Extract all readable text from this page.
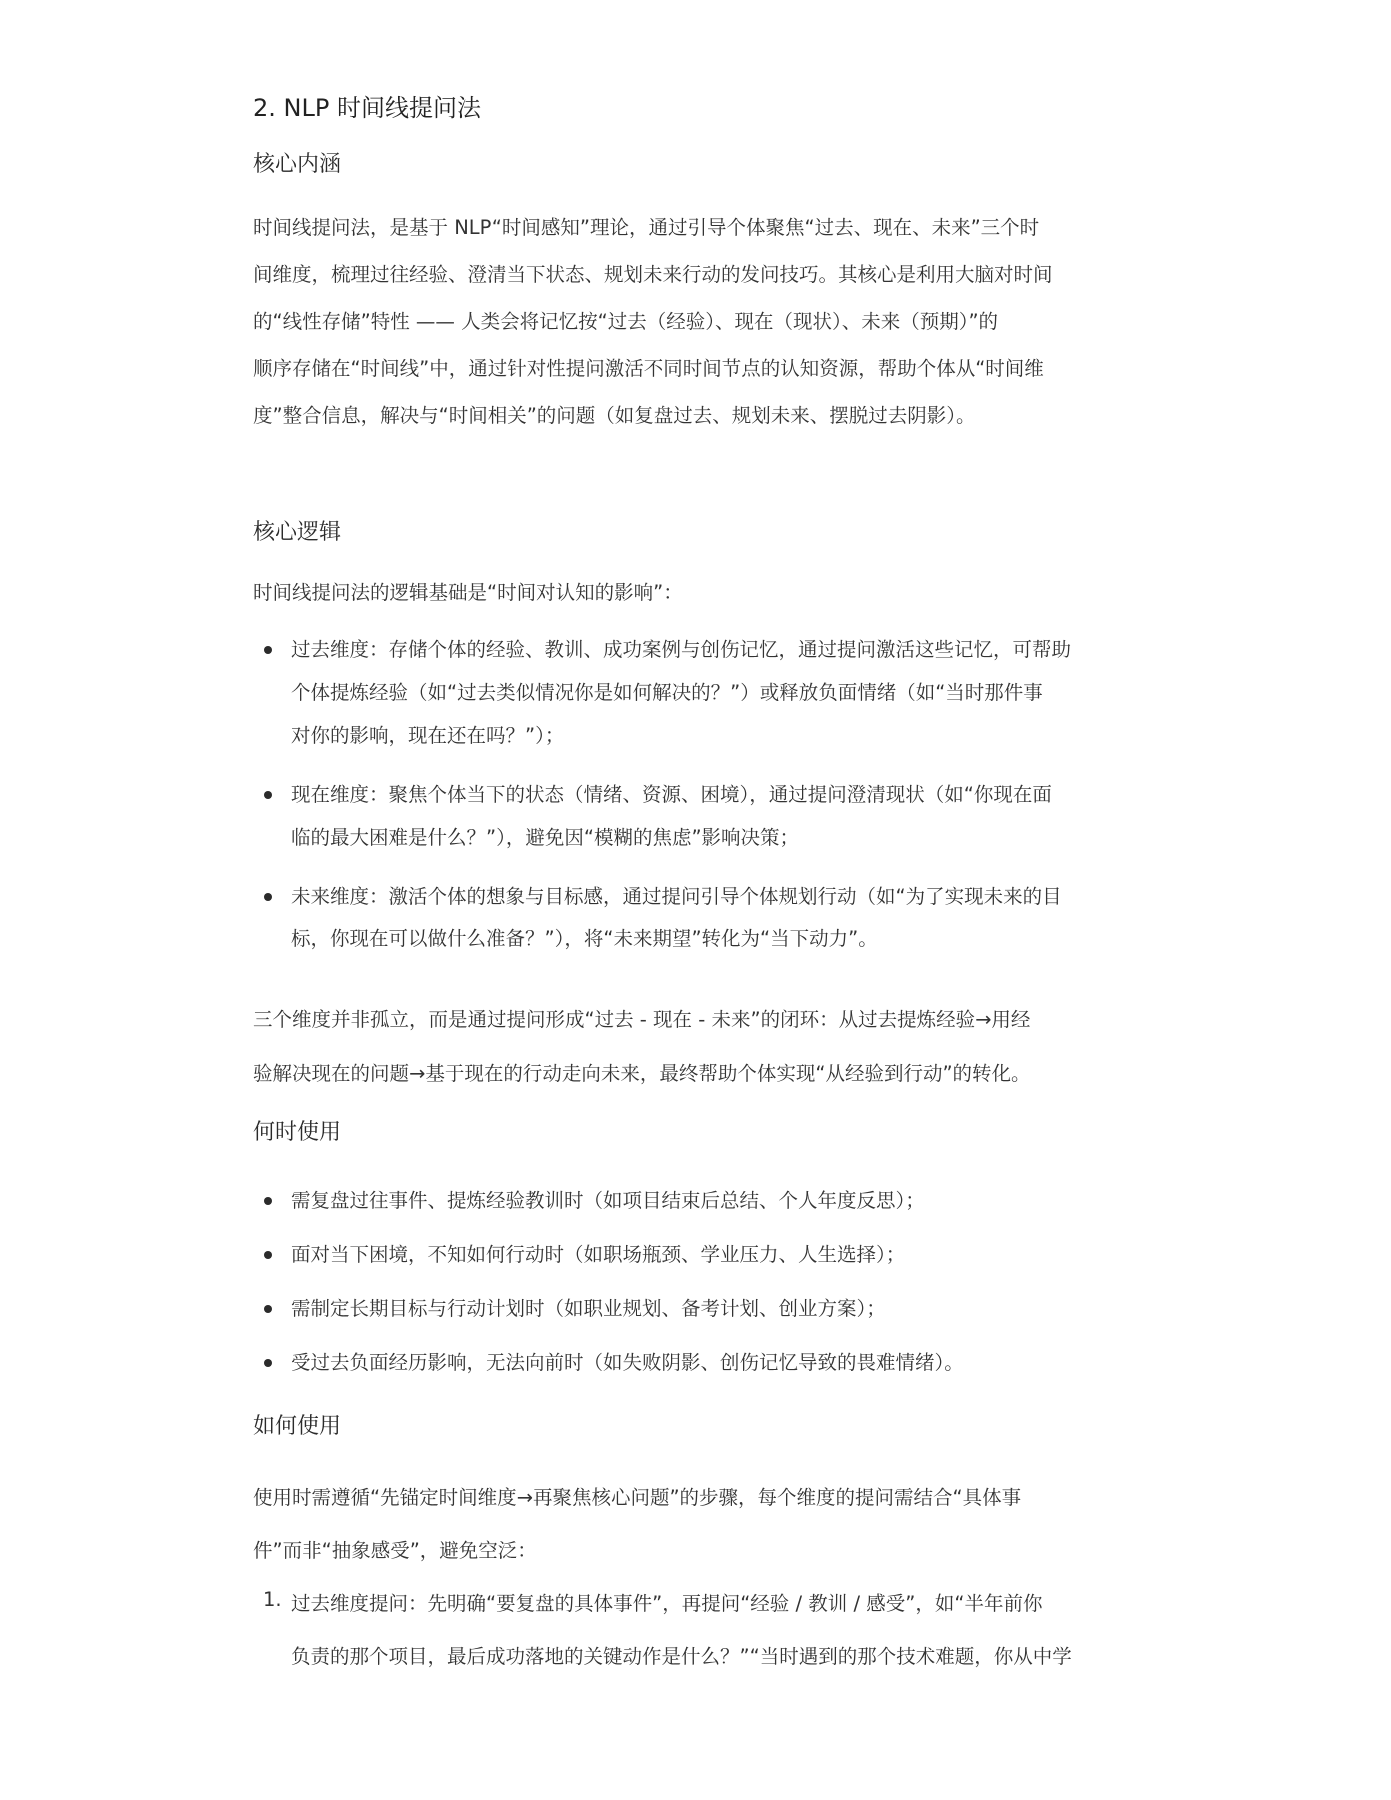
2. NLP 时间线提问法
核心内涵
时间线提问法，是基于 NLP“时间感知”理论，通过引导个体聚焦“过去、现在、未来”三个时
间维度，梳理过往经验、澄清当下状态、规划未来行动的发问技巧。其核心是利用大脑对时间
的“线性存储”特性 —— 人类会将记忆按“过去（经验）、现在（现状）、未来（预期）”的
顺序存储在“时间线”中，通过针对性提问激活不同时间节点的认知资源，帮助个体从“时间维
度”整合信息，解决与“时间相关”的问题（如复盘过去、规划未来、摆脱过去阴影）。
核心逻辑
时间线提问法的逻辑基础是“时间对认知的影响”：
过去维度：存储个体的经验、教训、成功案例与创伤记忆，通过提问激活这些记忆，可帮助
个体提炼经验（如“过去类似情况你是如何解决的？”）或释放负面情绪（如“当时那件事
对你的影响，现在还在吗？”）；
现在维度：聚焦个体当下的状态（情绪、资源、困境），通过提问澄清现状（如“你现在面
临的最大困难是什么？”），避免因“模糊的焦虑”影响决策；
未来维度：激活个体的想象与目标感，通过提问引导个体规划行动（如“为了实现未来的目
标，你现在可以做什么准备？”），将“未来期望”转化为“当下动力”。
三个维度并非孤立，而是通过提问形成“过去 - 现在 - 未来”的闭环：从过去提炼经验→用经
验解决现在的问题→基于现在的行动走向未来，最终帮助个体实现“从经验到行动”的转化。
何时使用
需复盘过往事件、提炼经验教训时（如项目结束后总结、个人年度反思）；
面对当下困境，不知如何行动时（如职场瓶颈、学业压力、人生选择）；
需制定长期目标与行动计划时（如职业规划、备考计划、创业方案）；
受过去负面经历影响，无法向前时（如失败阴影、创伤记忆导致的畏难情绪）。
如何使用
使用时需遵循“先锚定时间维度→再聚焦核心问题”的步骤，每个维度的提问需结合“具体事
件”而非“抽象感受”，避免空泛：
1. 过去维度提问：先明确“要复盘的具体事件”，再提问“经验 / 教训 / 感受”，如“半年前你
负责的那个项目，最后成功落地的关键动作是什么？”“当时遇到的那个技术难题，你从中学
